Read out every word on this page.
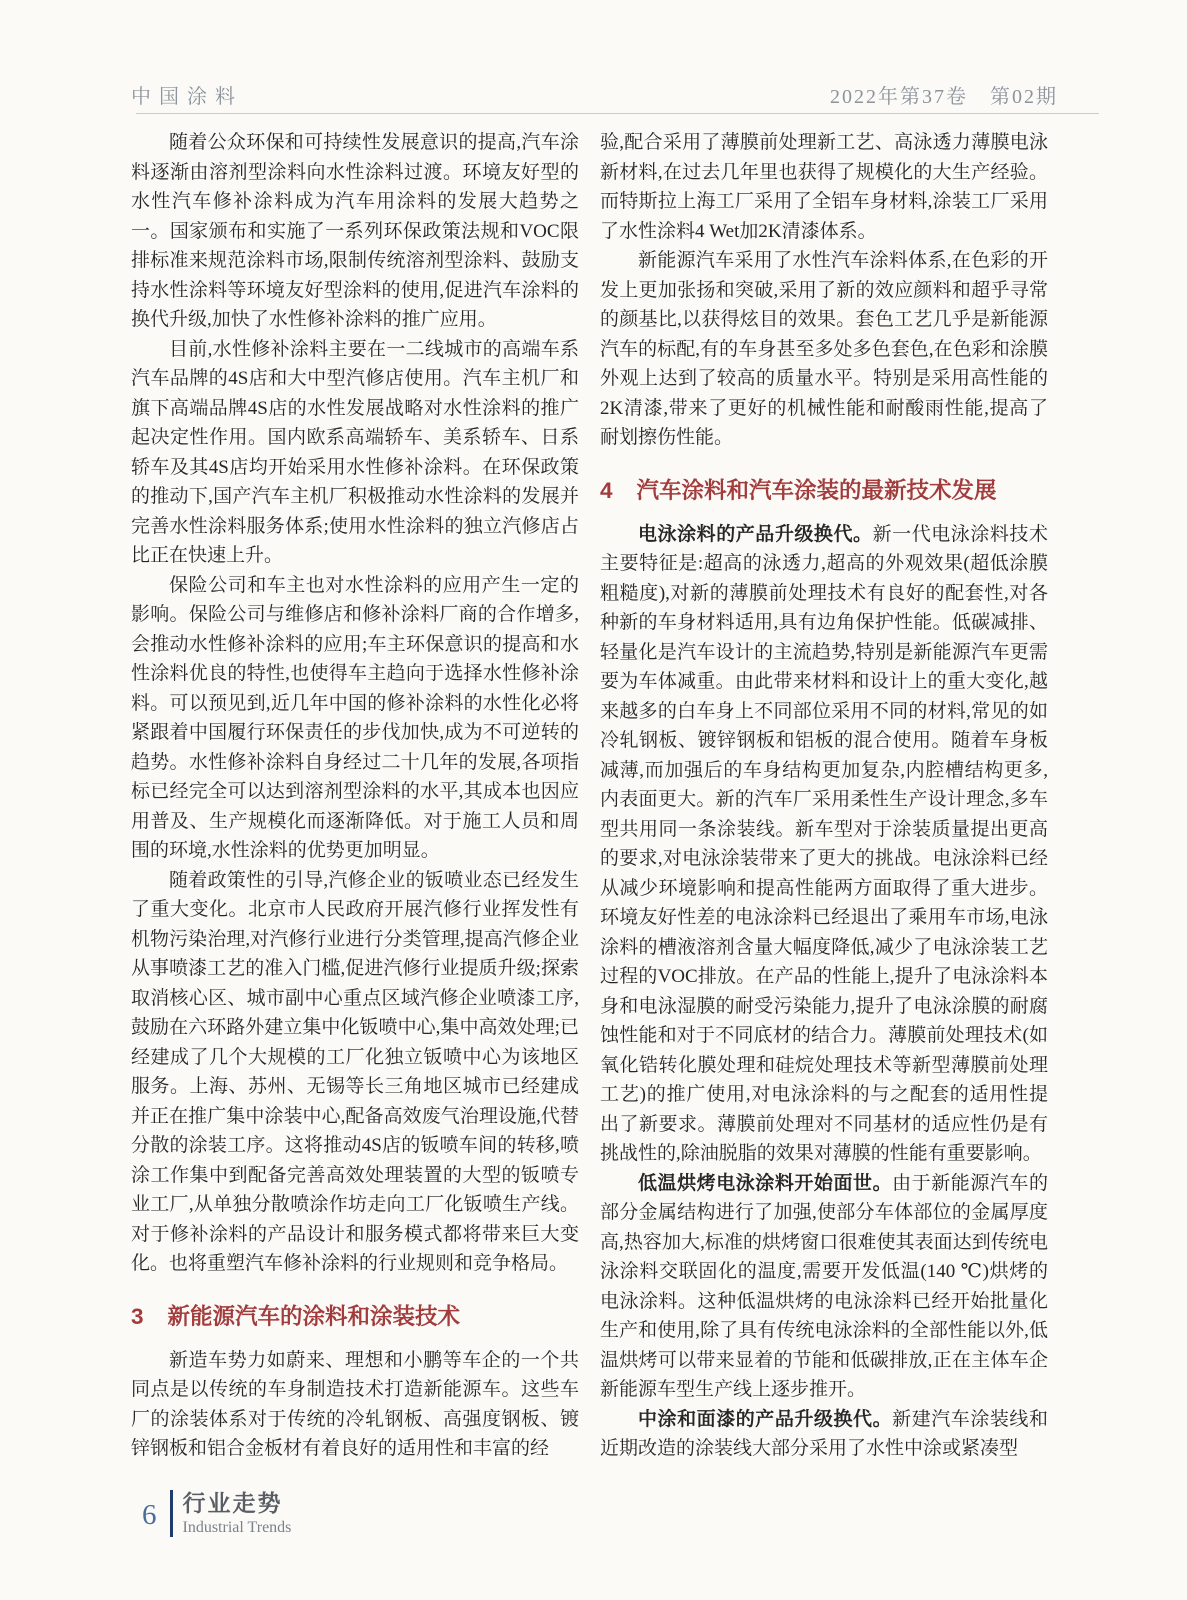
中国涂料	2022年第37卷　第02期

随着公众环保和可持续性发展意识的提高,汽车涂料逐渐由溶剂型涂料向水性涂料过渡。环境友好型的水性汽车修补涂料成为汽车用涂料的发展大趋势之一。国家颁布和实施了一系列环保政策法规和VOC限排标准来规范涂料市场,限制传统溶剂型涂料、鼓励支持水性涂料等环境友好型涂料的使用,促进汽车涂料的换代升级,加快了水性修补涂料的推广应用。

目前,水性修补涂料主要在一二线城市的高端车系汽车品牌的4S店和大中型汽修店使用。汽车主机厂和旗下高端品牌4S店的水性发展战略对水性涂料的推广起决定性作用。国内欧系高端轿车、美系轿车、日系轿车及其4S店均开始采用水性修补涂料。在环保政策的推动下,国产汽车主机厂积极推动水性涂料的发展并完善水性涂料服务体系;使用水性涂料的独立汽修店占比正在快速上升。

保险公司和车主也对水性涂料的应用产生一定的影响。保险公司与维修店和修补涂料厂商的合作增多,会推动水性修补涂料的应用;车主环保意识的提高和水性涂料优良的特性,也使得车主趋向于选择水性修补涂料。可以预见到,近几年中国的修补涂料的水性化必将紧跟着中国履行环保责任的步伐加快,成为不可逆转的趋势。水性修补涂料自身经过二十几年的发展,各项指标已经完全可以达到溶剂型涂料的水平,其成本也因应用普及、生产规模化而逐渐降低。对于施工人员和周围的环境,水性涂料的优势更加明显。

随着政策性的引导,汽修企业的钣喷业态已经发生了重大变化。北京市人民政府开展汽修行业挥发性有机物污染治理,对汽修行业进行分类管理,提高汽修企业从事喷漆工艺的准入门槛,促进汽修行业提质升级;探索取消核心区、城市副中心重点区域汽修企业喷漆工序,鼓励在六环路外建立集中化钣喷中心,集中高效处理;已经建成了几个大规模的工厂化独立钣喷中心为该地区服务。上海、苏州、无锡等长三角地区城市已经建成并正在推广集中涂装中心,配备高效废气治理设施,代替分散的涂装工序。这将推动4S店的钣喷车间的转移,喷涂工作集中到配备完善高效处理装置的大型的钣喷专业工厂,从单独分散喷涂作坊走向工厂化钣喷生产线。对于修补涂料的产品设计和服务模式都将带来巨大变化。也将重塑汽车修补涂料的行业规则和竞争格局。

3 新能源汽车的涂料和涂装技术

新造车势力如蔚来、理想和小鹏等车企的一个共同点是以传统的车身制造技术打造新能源车。这些车厂的涂装体系对于传统的冷轧钢板、高强度钢板、镀锌钢板和铝合金板材有着良好的适用性和丰富的经

验,配合采用了薄膜前处理新工艺、高泳透力薄膜电泳新材料,在过去几年里也获得了规模化的大生产经验。而特斯拉上海工厂采用了全铝车身材料,涂装工厂采用了水性涂料4 Wet加2K清漆体系。

新能源汽车采用了水性汽车涂料体系,在色彩的开发上更加张扬和突破,采用了新的效应颜料和超乎寻常的颜基比,以获得炫目的效果。套色工艺几乎是新能源汽车的标配,有的车身甚至多处多色套色,在色彩和涂膜外观上达到了较高的质量水平。特别是采用高性能的2K清漆,带来了更好的机械性能和耐酸雨性能,提高了耐划擦伤性能。

4 汽车涂料和汽车涂装的最新技术发展

电泳涂料的产品升级换代。新一代电泳涂料技术主要特征是:超高的泳透力,超高的外观效果(超低涂膜粗糙度),对新的薄膜前处理技术有良好的配套性,对各种新的车身材料适用,具有边角保护性能。低碳减排、轻量化是汽车设计的主流趋势,特别是新能源汽车更需要为车体减重。由此带来材料和设计上的重大变化,越来越多的白车身上不同部位采用不同的材料,常见的如冷轧钢板、镀锌钢板和铝板的混合使用。随着车身板减薄,而加强后的车身结构更加复杂,内腔槽结构更多,内表面更大。新的汽车厂采用柔性生产设计理念,多车型共用同一条涂装线。新车型对于涂装质量提出更高的要求,对电泳涂装带来了更大的挑战。电泳涂料已经从减少环境影响和提高性能两方面取得了重大进步。环境友好性差的电泳涂料已经退出了乘用车市场,电泳涂料的槽液溶剂含量大幅度降低,减少了电泳涂装工艺过程的VOC排放。在产品的性能上,提升了电泳涂料本身和电泳湿膜的耐受污染能力,提升了电泳涂膜的耐腐蚀性能和对于不同底材的结合力。薄膜前处理技术(如氧化锆转化膜处理和硅烷处理技术等新型薄膜前处理工艺)的推广使用,对电泳涂料的与之配套的适用性提出了新要求。薄膜前处理对不同基材的适应性仍是有挑战性的,除油脱脂的效果对薄膜的性能有重要影响。

低温烘烤电泳涂料开始面世。由于新能源汽车的部分金属结构进行了加强,使部分车体部位的金属厚度高,热容加大,标准的烘烤窗口很难使其表面达到传统电泳涂料交联固化的温度,需要开发低温(140 ℃)烘烤的电泳涂料。这种低温烘烤的电泳涂料已经开始批量化生产和使用,除了具有传统电泳涂料的全部性能以外,低温烘烤可以带来显着的节能和低碳排放,正在主体车企新能源车型生产线上逐步推开。

中涂和面漆的产品升级换代。新建汽车涂装线和近期改造的涂装线大部分采用了水性中涂或紧凑型

6 行业走势
Industrial Trends
